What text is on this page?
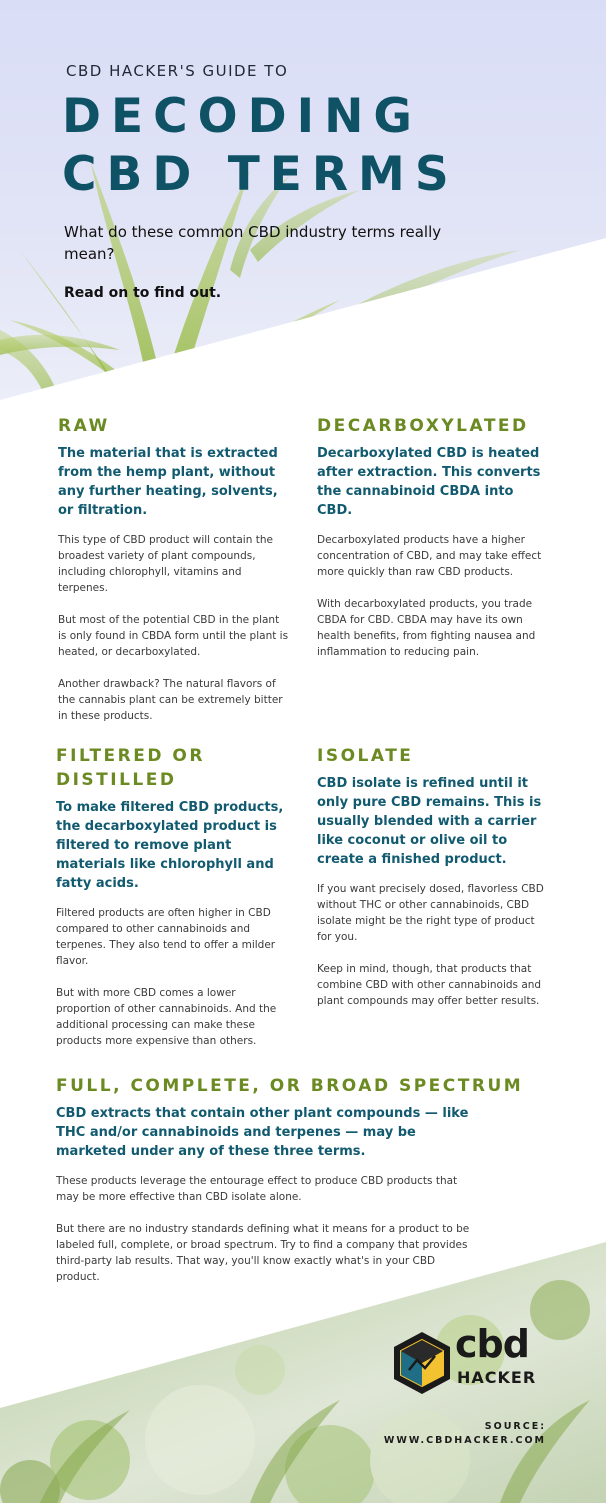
CBD HACKER'S GUIDE TO

DECODING
CBD TERMS

What do these common CBD industry terms really mean?

Read on to find out.

RAW

The material that is extracted from the hemp plant, without any further heating, solvents, or filtration.

This type of CBD product will contain the broadest variety of plant compounds, including chlorophyll, vitamins and terpenes.

But most of the potential CBD in the plant is only found in CBDA form until the plant is heated, or decarboxylated.

Another drawback? The natural flavors of the cannabis plant can be extremely bitter in these products.

DECARBOXYLATED

Decarboxylated CBD is heated after extraction. This converts the cannabinoid CBDA into CBD.

Decarboxylated products have a higher concentration of CBD, and may take effect more quickly than raw CBD products.

With decarboxylated products, you trade CBDA for CBD. CBDA may have its own health benefits, from fighting nausea and inflammation to reducing pain.

FILTERED OR DISTILLED

To make filtered CBD products, the decarboxylated product is filtered to remove plant materials like chlorophyll and fatty acids.

Filtered products are often higher in CBD compared to other cannabinoids and terpenes. They also tend to offer a milder flavor.

But with more CBD comes a lower proportion of other cannabinoids. And the additional processing can make these products more expensive than others.

ISOLATE

CBD isolate is refined until it only pure CBD remains. This is usually blended with a carrier like coconut or olive oil to create a finished product.

If you want precisely dosed, flavorless CBD without THC or other cannabinoids, CBD isolate might be the right type of product for you.

Keep in mind, though, that products that combine CBD with other cannabinoids and plant compounds may offer better results.

FULL, COMPLETE, OR BROAD SPECTRUM

CBD extracts that contain other plant compounds — like THC and/or cannabinoids and terpenes — may be marketed under any of these three terms.

These products leverage the entourage effect to produce CBD products that may be more effective than CBD isolate alone.

But there are no industry standards defining what it means for a product to be labeled full, complete, or broad spectrum. Try to find a company that provides third-party lab results. That way, you'll know exactly what's in your CBD product.

cbd

HACKER

SOURCE:
WWW.CBDHACKER.COM
